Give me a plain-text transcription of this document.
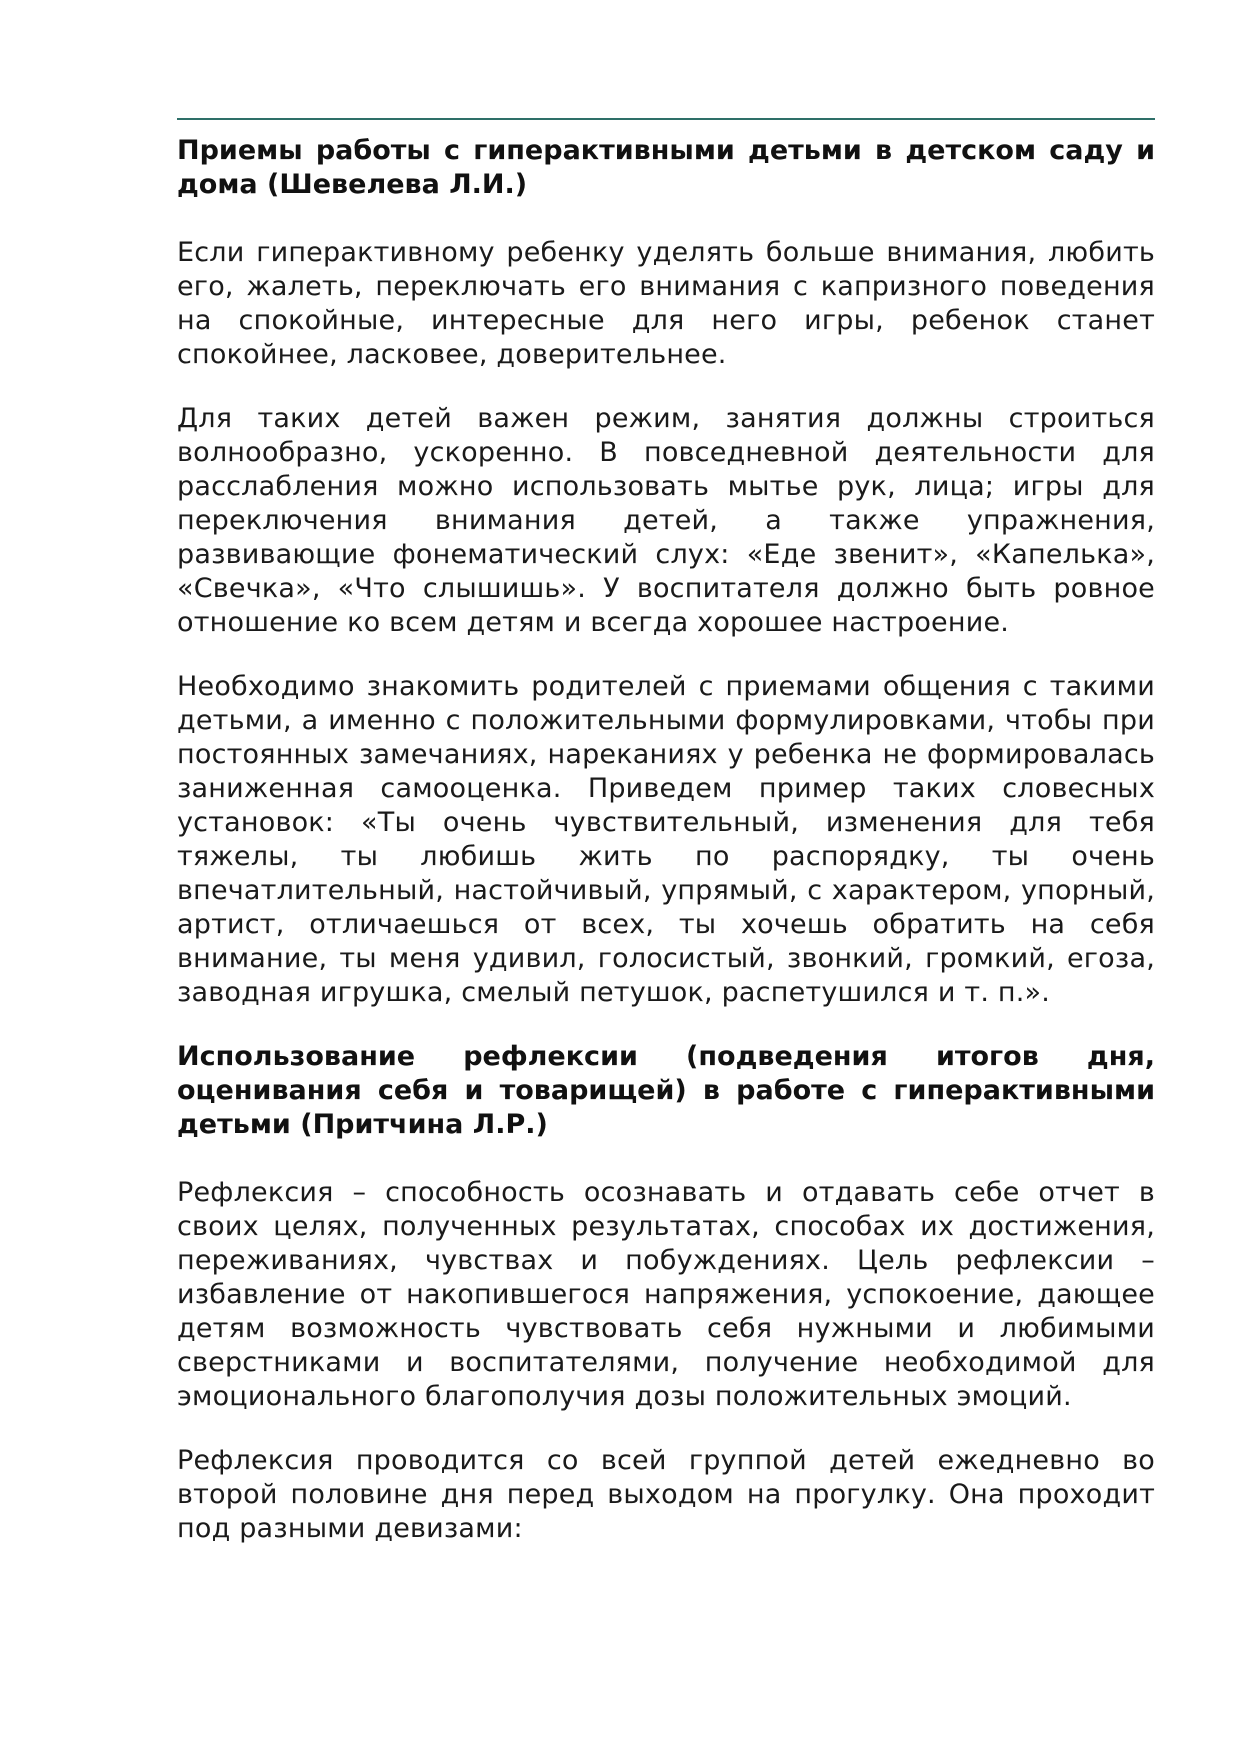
Приемы работы с гиперактивными детьми в детском саду и дома (Шевелева Л.И.)

Если гиперактивному ребенку уделять больше внимания, любить его, жалеть, переключать его внимания с капризного поведения на спокойные, интересные для него игры, ребенок станет спокойнее, ласковее, доверительнее.

Для таких детей важен режим, занятия должны строиться волнообразно, ускоренно. В повседневной деятельности для расслабления можно использовать мытье рук, лица; игры для переключения внимания детей, а также упражнения, развивающие фонематический слух: «Еде звенит», «Капелька», «Свечка», «Что слышишь». У воспитателя должно быть ровное отношение ко всем детям и всегда хорошее настроение.

Необходимо знакомить родителей с приемами общения с такими детьми, а именно с положительными формулировками, чтобы при постоянных замечаниях, нареканиях у ребенка не формировалась заниженная самооценка. Приведем пример таких словесных установок: «Ты очень чувствительный, изменения для тебя тяжелы, ты любишь жить по распорядку, ты очень впечатлительный, настойчивый, упрямый, с характером, упорный, артист, отличаешься от всех, ты хочешь обратить на себя внимание, ты меня удивил, голосистый, звонкий, громкий, егоза, заводная игрушка, смелый петушок, распетушился и т. п.».

Использование рефлексии (подведения итогов дня, оценивания себя и товарищей) в работе с гиперактивными детьми (Притчина Л.Р.)

Рефлексия – способность осознавать и отдавать себе отчет в своих целях, полученных результатах, способах их достижения, переживаниях, чувствах и побуждениях. Цель рефлексии – избавление от накопившегося напряжения, успокоение, дающее детям возможность чувствовать себя нужными и любимыми сверстниками и воспитателями, получение необходимой для эмоционального благополучия дозы положительных эмоций.

Рефлексия проводится со всей группой детей ежедневно во второй половине дня перед выходом на прогулку. Она проходит под разными девизами:
